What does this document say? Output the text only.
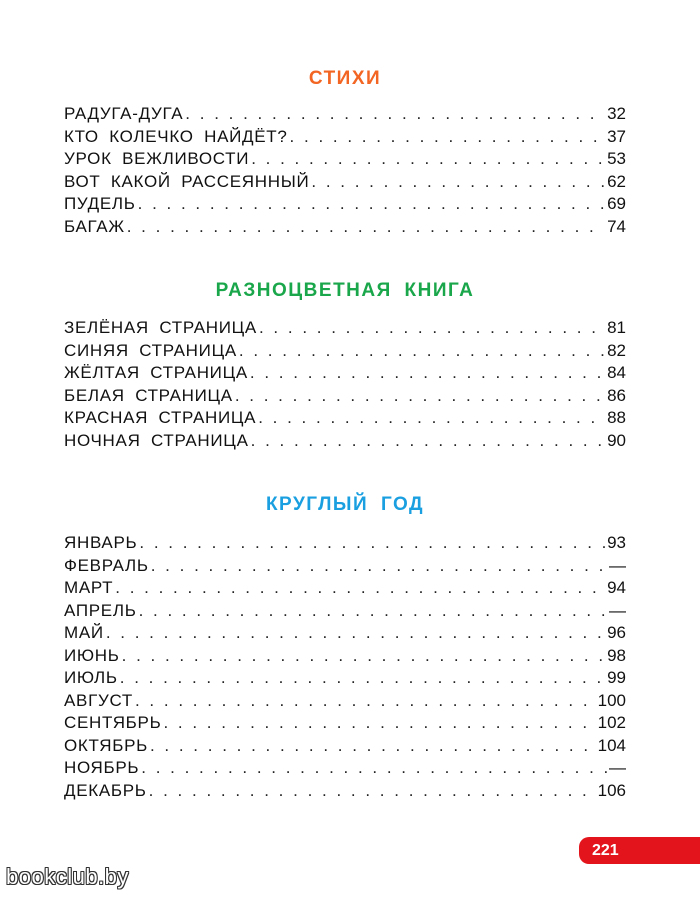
СТИХИ
РАДУГА-ДУГА . . .	32
КТО КОЛЕЧКО НАЙДЁТ? . . .	37
УРОК ВЕЖЛИВОСТИ . . .	53
ВОТ КАКОЙ РАССЕЯННЫЙ . . .	62
ПУДЕЛЬ . . .	69
БАГАЖ . . .	74
РАЗНОЦВЕТНАЯ КНИГА
ЗЕЛЁНАЯ СТРАНИЦА . . .	81
СИНЯЯ СТРАНИЦА . . .	82
ЖЁЛТАЯ СТРАНИЦА . . .	84
БЕЛАЯ СТРАНИЦА . . .	86
КРАСНАЯ СТРАНИЦА . . .	88
НОЧНАЯ СТРАНИЦА . . .	90
КРУГЛЫЙ ГОД
ЯНВАРЬ . . .	93
ФЕВРАЛЬ . . .	—
МАРТ . . .	94
АПРЕЛЬ . . .	—
МАЙ . . .	96
ИЮНЬ . . .	98
ИЮЛЬ . . .	99
АВГУСТ . . .	100
СЕНТЯБРЬ . . .	102
ОКТЯБРЬ . . .	104
НОЯБРЬ . . .	—
ДЕКАБРЬ . . .	106
221
bookclub.by
